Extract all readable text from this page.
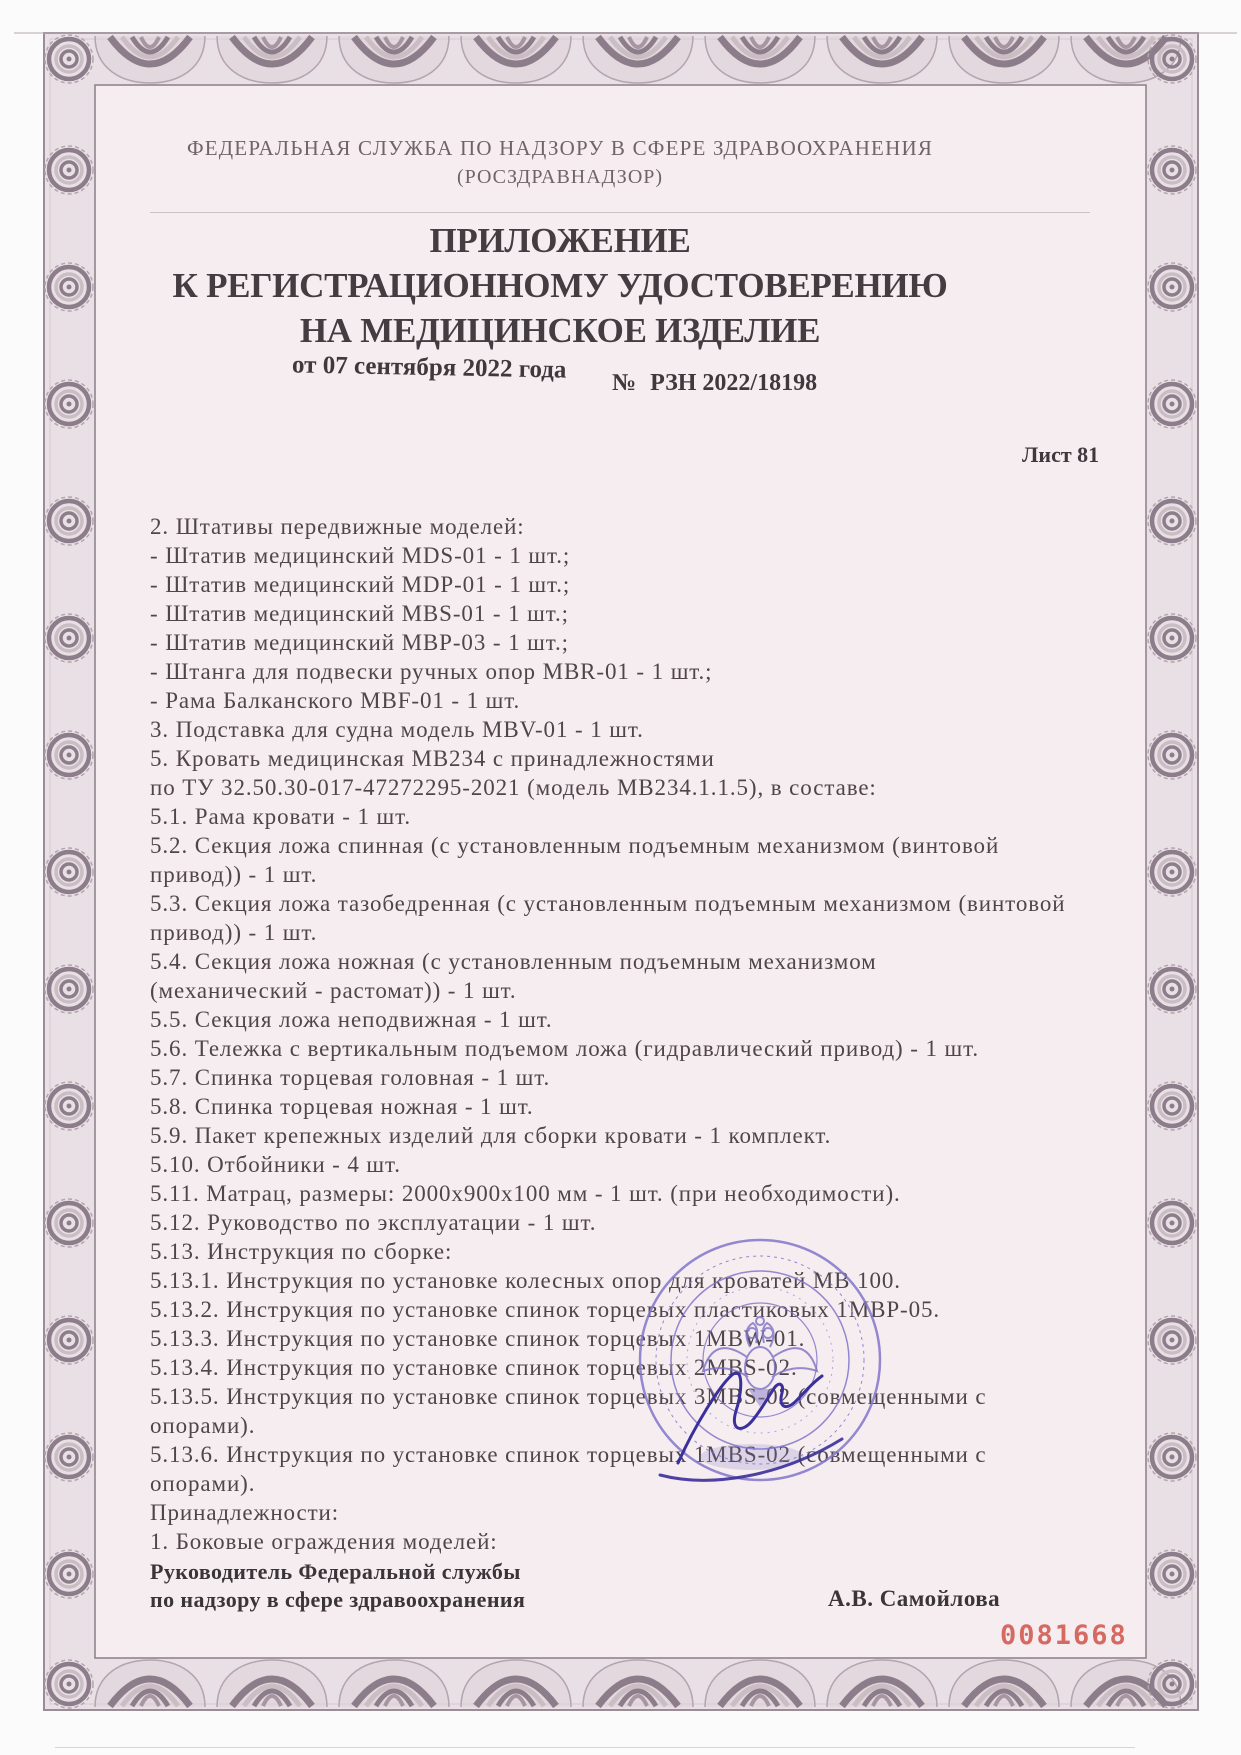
ФЕДЕРАЛЬНАЯ СЛУЖБА ПО НАДЗОРУ В СФЕРЕ ЗДРАВООХРАНЕНИЯ
(РОСЗДРАВНАДЗОР)
ПРИЛОЖЕНИЕ
К РЕГИСТРАЦИОННОМУ УДОСТОВЕРЕНИЮ
НА МЕДИЦИНСКОЕ ИЗДЕЛИЕ
от 07 сентября 2022 года № РЗН 2022/18198
Лист 81
2. Штативы передвижные моделей:
- Штатив медицинский MDS-01 - 1 шт.;
- Штатив медицинский MDP-01 - 1 шт.;
- Штатив медицинский MBS-01 - 1 шт.;
- Штатив медицинский MBP-03 - 1 шт.;
- Штанга для подвески ручных опор MBR-01 - 1 шт.;
- Рама Балканского MBF-01 - 1 шт.
3. Подставка для судна модель MBV-01 - 1 шт.
5. Кровать медицинская МВ234 с принадлежностями
по ТУ 32.50.30-017-47272295-2021 (модель МВ234.1.1.5), в составе:
5.1. Рама кровати - 1 шт.
5.2. Секция ложа спинная (с установленным подъемным механизмом (винтовой
привод)) - 1 шт.
5.3. Секция ложа тазобедренная (с установленным подъемным механизмом (винтовой
привод)) - 1 шт.
5.4. Секция ложа ножная (с установленным подъемным механизмом
(механический - растомат)) - 1 шт.
5.5. Секция ложа неподвижная - 1 шт.
5.6. Тележка с вертикальным подъемом ложа (гидравлический привод) - 1 шт.
5.7. Спинка торцевая головная - 1 шт.
5.8. Спинка торцевая ножная - 1 шт.
5.9. Пакет крепежных изделий для сборки кровати - 1 комплект.
5.10. Отбойники - 4 шт.
5.11. Матрац, размеры: 2000х900х100 мм - 1 шт. (при необходимости).
5.12. Руководство по эксплуатации - 1 шт.
5.13. Инструкция по сборке:
5.13.1. Инструкция по установке колесных опор для кроватей МВ 100.
5.13.2. Инструкция по установке спинок торцевых пластиковых 1МВР-05.
5.13.3. Инструкция по установке спинок торцевых 1MBW-01.
5.13.4. Инструкция по установке спинок торцевых 2MBS-02.
5.13.5. Инструкция по установке спинок торцевых 3MBS-02 (совмещенными с
опорами).
5.13.6. Инструкция по установке спинок торцевых 1MBS-02 (совмещенными с
опорами).
Принадлежности:
1. Боковые ограждения моделей:
Руководитель Федеральной службы
по надзору в сфере здравоохранения	А.В. Самойлова
0081668
